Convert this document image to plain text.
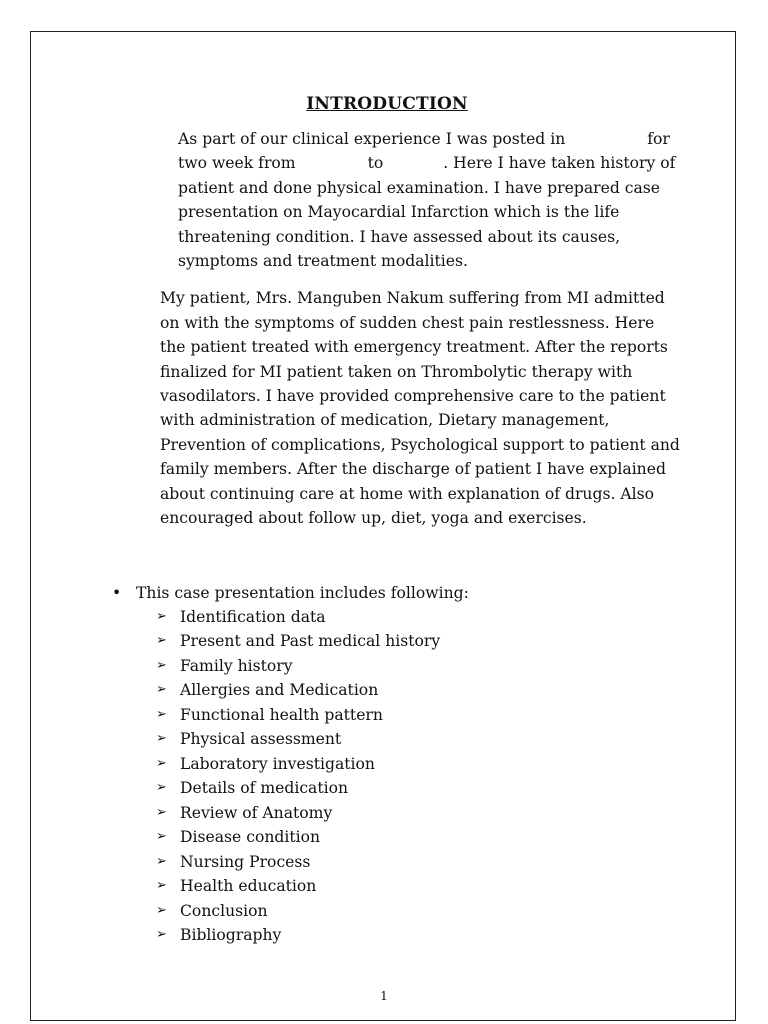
INTRODUCTION

As part of our clinical experience I was posted in	for two week from	to	. Here I have taken history of patient and done physical examination. I have prepared case presentation on Mayocardial Infarction which is the life threatening condition. I have assessed about its causes, symptoms and treatment modalities.

My patient, Mrs. Manguben Nakum suffering from MI admitted on with the symptoms of sudden chest pain restlessness. Here the patient treated with emergency treatment. After the reports finalized for MI patient taken on Thrombolytic therapy with vasodilators. I have provided comprehensive care to the patient with administration of medication, Dietary management, Prevention of complications, Psychological support to patient and family members. After the discharge of patient I have explained about continuing care at home with explanation of drugs. Also encouraged about follow up, diet, yoga and exercises.

• This case presentation includes following:
➢ Identification data
➢ Present and Past medical history
➢ Family history
➢ Allergies and Medication
➢ Functional health pattern
➢ Physical assessment
➢ Laboratory investigation
➢ Details of medication
➢ Review of Anatomy
➢ Disease condition
➢ Nursing Process
➢ Health education
➢ Conclusion
➢ Bibliography
1
